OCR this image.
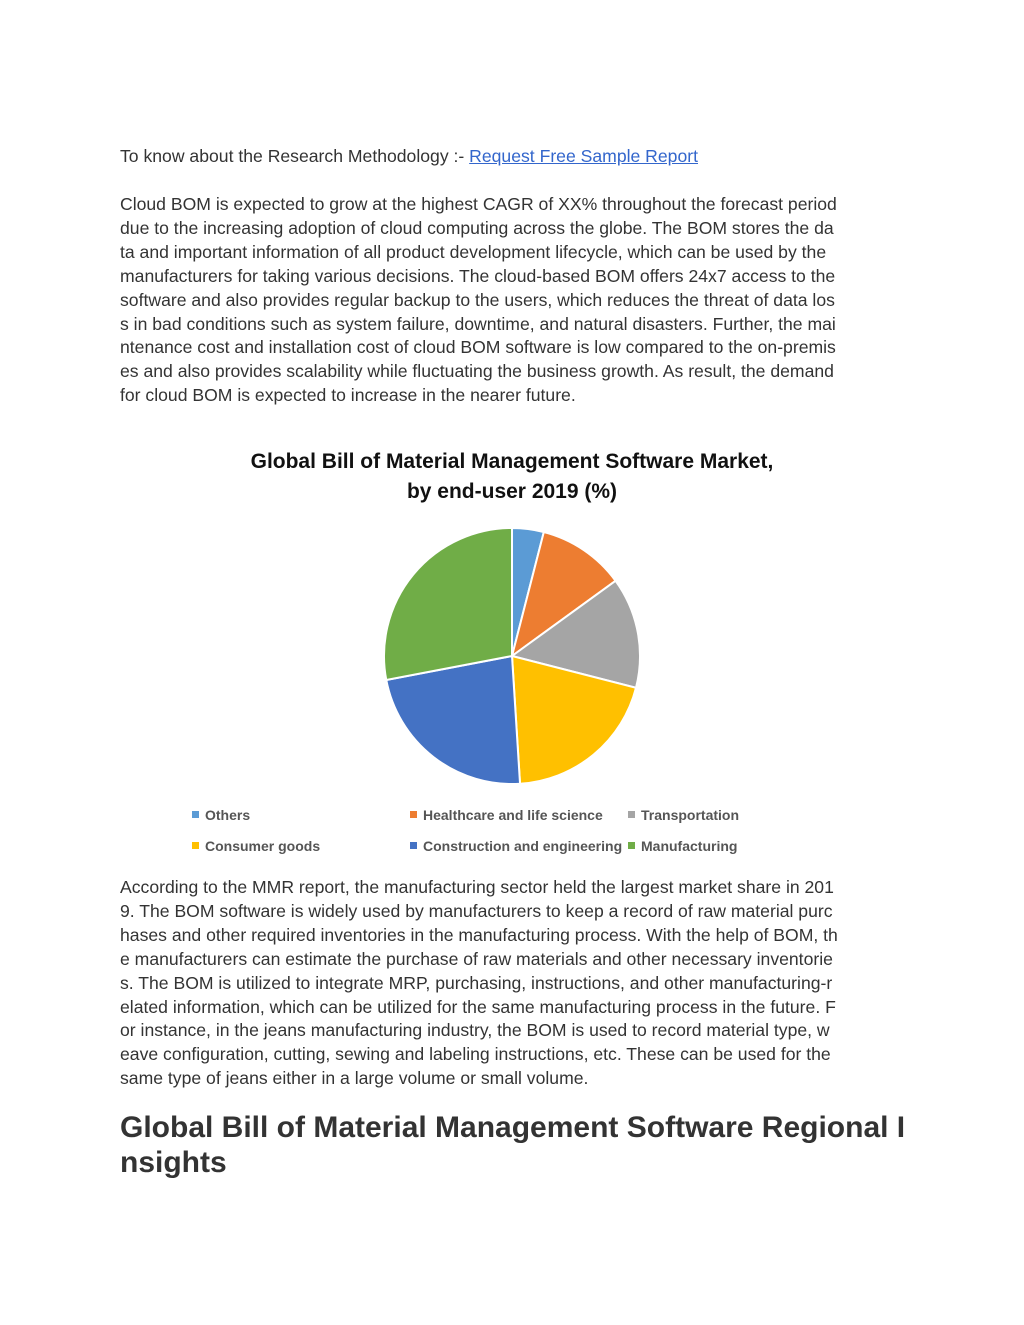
To know about the Research Methodology :- Request Free Sample Report

Cloud BOM is expected to grow at the highest CAGR of XX% throughout the forecast period
due to the increasing adoption of cloud computing across the globe. The BOM stores the da
ta and important information of all product development lifecycle, which can be used by the
manufacturers for taking various decisions. The cloud-based BOM offers 24x7 access to the
software and also provides regular backup to the users, which reduces the threat of data los
s in bad conditions such as system failure, downtime, and natural disasters. Further, the mai
ntenance cost and installation cost of cloud BOM software is low compared to the on-premis
es and also provides scalability while fluctuating the business growth. As result, the demand
for cloud BOM is expected to increase in the nearer future.

Global Bill of Material Management Software Market,
by end-user 2019 (%)
Others	Healthcare and life science	Transportation
Consumer goods	Construction and engineering Manufacturing

According to the MMR report, the manufacturing sector held the largest market share in 201
9. The BOM software is widely used by manufacturers to keep a record of raw material purc
hases and other required inventories in the manufacturing process. With the help of BOM, th
e manufacturers can estimate the purchase of raw materials and other necessary inventorie
s. The BOM is utilized to integrate MRP, purchasing, instructions, and other manufacturing-r
elated information, which can be utilized for the same manufacturing process in the future. F
or instance, in the jeans manufacturing industry, the BOM is used to record material type, w
eave configuration, cutting, sewing and labeling instructions, etc. These can be used for the
same type of jeans either in a large volume or small volume.

Global Bill of Material Management Software Regional I
nsights
